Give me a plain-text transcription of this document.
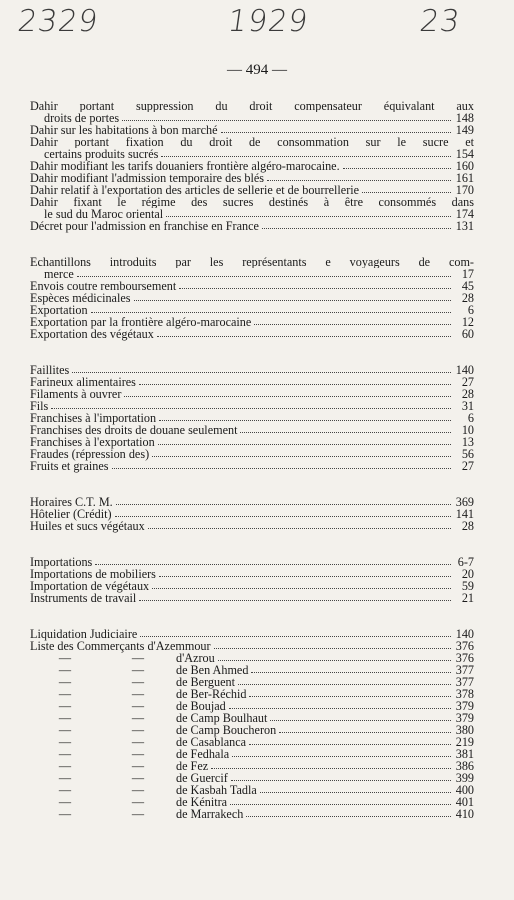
2329	1929	23
— 494 —
Dahir portant suppression du droit compensateur équivalant aux
droits de portes	148
Dahir sur les habitations à bon marché	149
Dahir portant fixation du droit de consommation sur le sucre et
certains produits sucrés	154
Dahir modifiant les tarifs douaniers frontière algéro-marocaine.	160
Dahir modifiant l'admission temporaire des blés	161
Dahir relatif à l'exportation des articles de sellerie et de bourrellerie	170
Dahir fixant le régime des sucres destinés à être consommés dans
le sud du Maroc oriental	174
Décret pour l'admission en franchise en France	131
Echantillons introduits par les représentants e voyageurs de com-
merce	17
Envois coutre remboursement	45
Espèces médicinales	28
Exportation	6
Exportation par la frontière algéro-marocaine	12
Exportation des végétaux	60
Faillites	140
Farineux alimentaires	27
Filaments à ouvrer	28
Fils	31
Franchises à l'importation	6
Franchises des droits de douane seulement	10
Franchises à l'exportation	13
Fraudes (répression des)	56
Fruits et graines	27
Horaires C.T. M.	369
Hôtelier (Crédit)	141
Huiles et sucs végétaux	28
Importations	6-7
Importations de mobiliers	20
Importation de végétaux	59
Instruments de travail	21
Liquidation Judiciaire	140
Liste des Commerçants d'Azemmour	376
—	—	d'Azrou	376
—	—	de Ben Ahmed	377
—	—	de Berguent	377
—	—	de Ber-Réchid	378
—	—	de Boujad	379
—	—	de Camp Boulhaut	379
—	—	de Camp Boucheron	380
—	—	de Casablanca	219
—	—	de Fedhala	381
—	—	de Fez	386
—	—	de Guercif	399
—	—	de Kasbah Tadla	400
—	—	de Kénitra	401
—	—	de Marrakech	410
